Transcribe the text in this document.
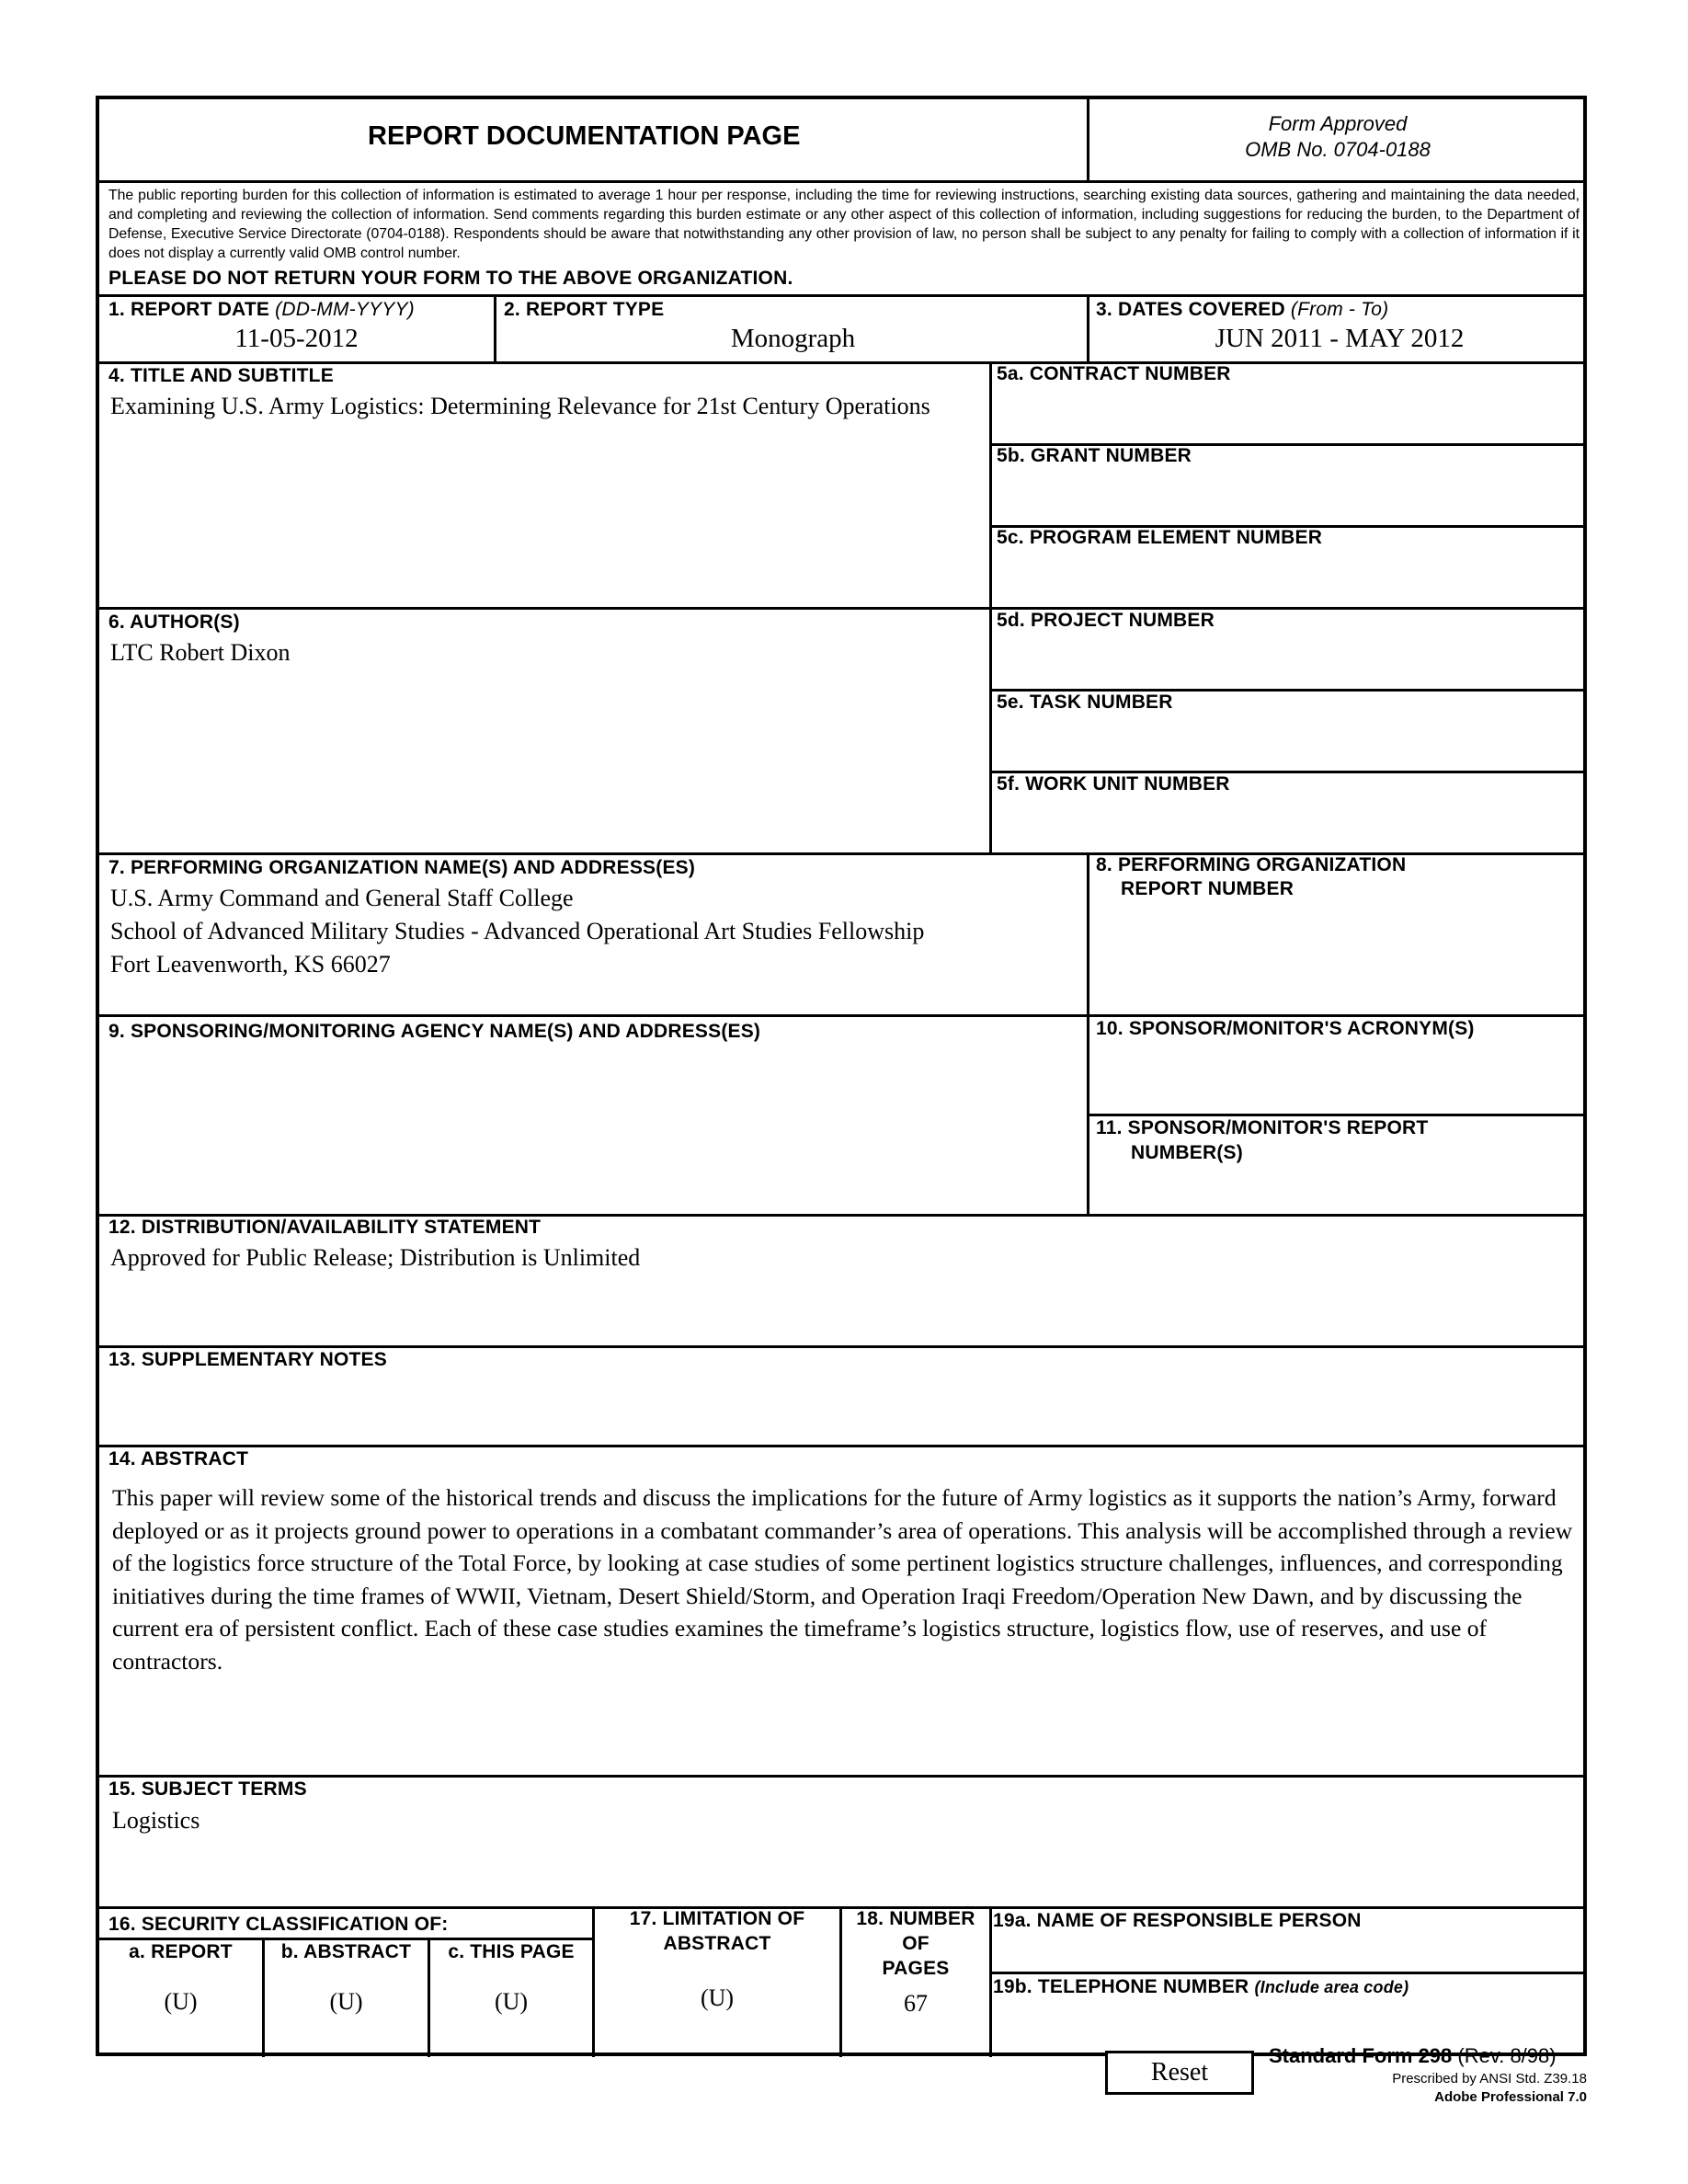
REPORT DOCUMENTATION PAGE	Form Approved
OMB No. 0704-0188
The public reporting burden for this collection of information is estimated to average 1 hour per response, including the time for reviewing instructions, searching existing data sources, gathering and maintaining the data needed, and completing and reviewing the collection of information. Send comments regarding this burden estimate or any other aspect of this collection of information, including suggestions for reducing the burden, to the Department of Defense, Executive Service Directorate (0704-0188). Respondents should be aware that notwithstanding any other provision of law, no person shall be subject to any penalty for failing to comply with a collection of information if it does not display a currently valid OMB control number.
PLEASE DO NOT RETURN YOUR FORM TO THE ABOVE ORGANIZATION.
1. REPORT DATE (DD-MM-YYYY)
11-05-2012
2. REPORT TYPE
Monograph
3. DATES COVERED (From - To)
JUN 2011 - MAY 2012
4. TITLE AND SUBTITLE
Examining U.S. Army Logistics: Determining Relevance for 21st Century Operations
5a. CONTRACT NUMBER
5b. GRANT NUMBER
5c. PROGRAM ELEMENT NUMBER
5d. PROJECT NUMBER
5e. TASK NUMBER
5f. WORK UNIT NUMBER
6. AUTHOR(S)
LTC Robert Dixon
7. PERFORMING ORGANIZATION NAME(S) AND ADDRESS(ES)
U.S. Army Command and General Staff College
School of Advanced Military Studies - Advanced Operational Art Studies Fellowship
Fort Leavenworth, KS 66027
8. PERFORMING ORGANIZATION
REPORT NUMBER
9. SPONSORING/MONITORING AGENCY NAME(S) AND ADDRESS(ES)	10. SPONSOR/MONITOR'S ACRONYM(S)
11. SPONSOR/MONITOR'S REPORT
NUMBER(S)
12. DISTRIBUTION/AVAILABILITY STATEMENT
Approved for Public Release; Distribution is Unlimited
13. SUPPLEMENTARY NOTES
14. ABSTRACT
This paper will review some of the historical trends and discuss the implications for the future of Army logistics as it supports the nation’s Army, forward deployed or as it projects ground power to operations in a combatant commander’s area of operations. This analysis will be accomplished through a review of the logistics force structure of the Total Force, by looking at case studies of some pertinent logistics structure challenges, influences, and corresponding initiatives during the time frames of WWII, Vietnam, Desert Shield/Storm, and Operation Iraqi Freedom/Operation New Dawn, and by discussing the current era of persistent conflict. Each of these case studies examines the timeframe’s logistics structure, logistics flow, use of reserves, and use of contractors.
15. SUBJECT TERMS
Logistics
16. SECURITY CLASSIFICATION OF:
a. REPORT	b. ABSTRACT	c. THIS PAGE
(U)	(U)	(U)
17. LIMITATION OF
ABSTRACT
(U)
18. NUMBER
OF
PAGES
67
19a. NAME OF RESPONSIBLE PERSON
19b. TELEPHONE NUMBER (Include area code)
Reset
Standard Form 298 (Rev. 8/98)
Prescribed by ANSI Std. Z39.18
Adobe Professional 7.0
